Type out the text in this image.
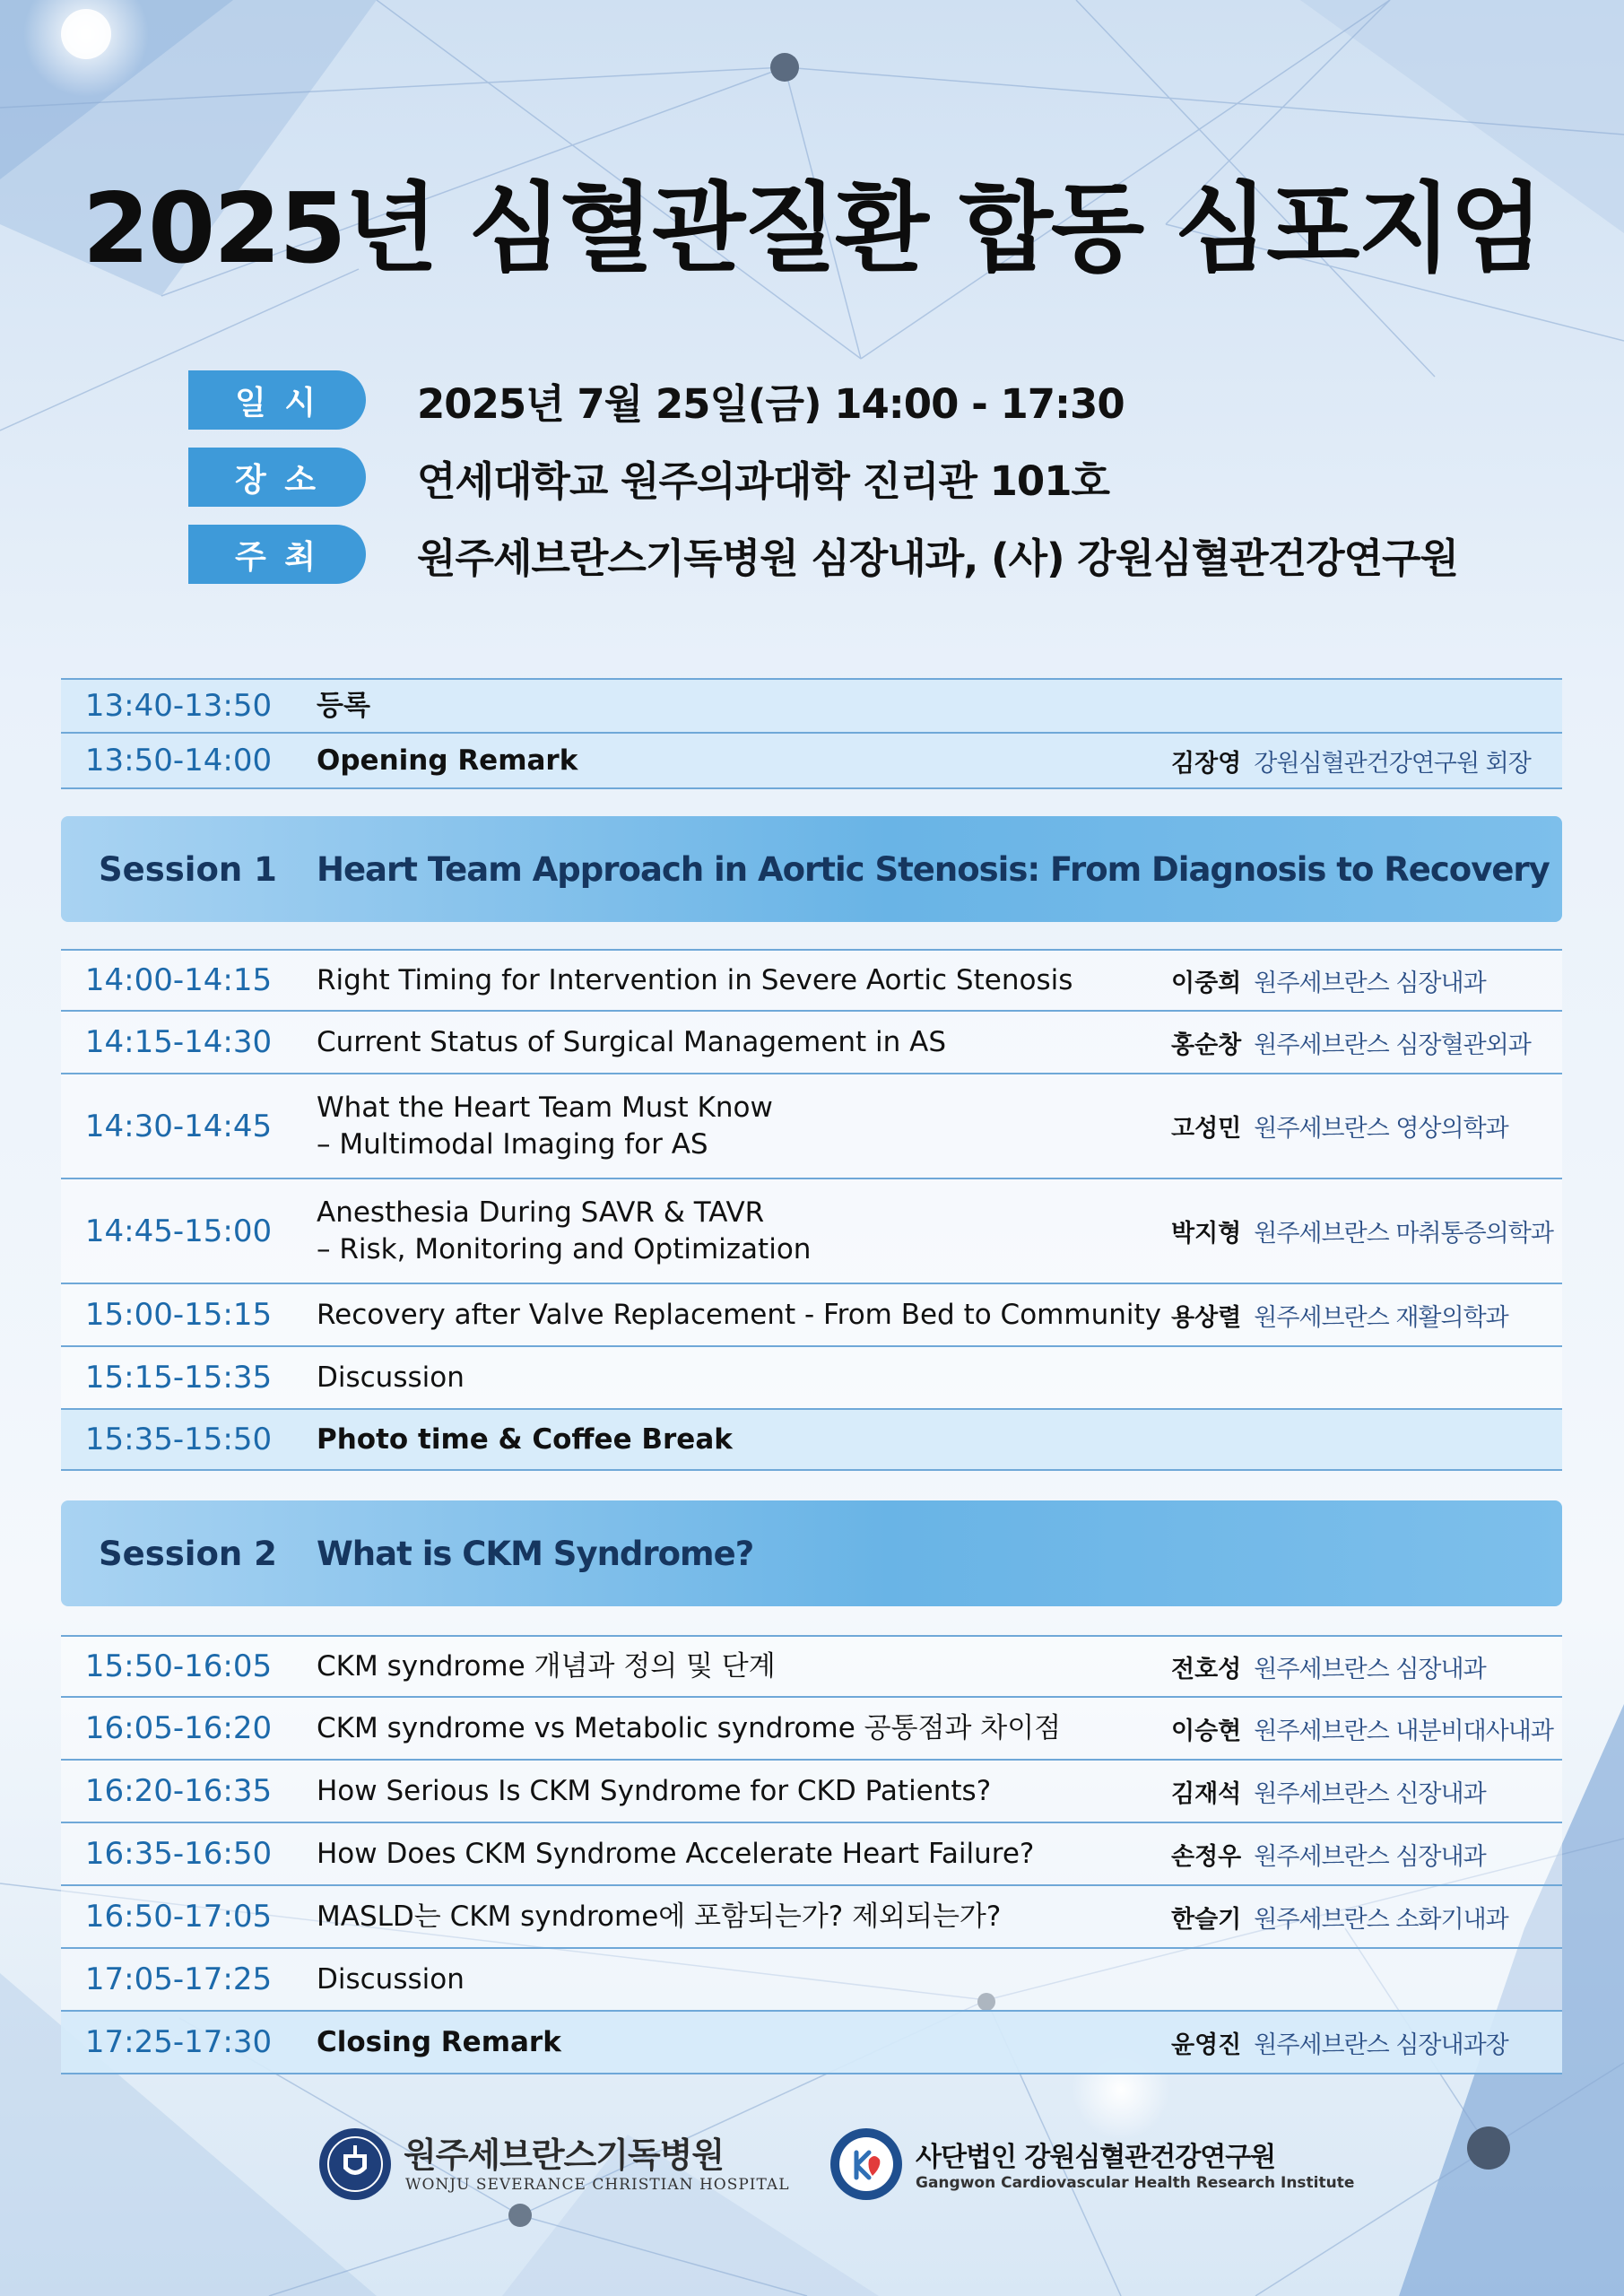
2025년 심혈관질환 합동 심포지엄
일 시	2025년 7월 25일(금) 14:00 - 17:30
장 소	연세대학교 원주의과대학 진리관 101호
주 최	원주세브란스기독병원 심장내과, (사) 강원심혈관건강연구원
13:40-13:50	등록
13:50-14:00	Opening Remark	김장영 강원심혈관건강연구원 회장
Session 1 Heart Team Approach in Aortic Stenosis: From Diagnosis to Recovery
14:00-14:15	Right Timing for Intervention in Severe Aortic Stenosis	이중희 원주세브란스 심장내과
14:15-14:30	Current Status of Surgical Management in AS	홍순창 원주세브란스 심장혈관외과
14:30-14:45
What the Heart Team Must Know
– Multimodal Imaging for AS	고성민 원주세브란스 영상의학과
14:45-15:00
Anesthesia During SAVR & TAVR
– Risk, Monitoring and Optimization	박지형 원주세브란스 마취통증의학과
15:00-15:15	Recovery after Valve Replacement - From Bed to Community 용상렬 원주세브란스 재활의학과
15:15-15:35	Discussion
15:35-15:50	Photo time & Coffee Break
Session 2 What is CKM Syndrome?
15:50-16:05	CKM syndrome 개념과 정의 및 단계	전호성 원주세브란스 심장내과
16:05-16:20	CKM syndrome vs Metabolic syndrome 공통점과 차이점	이승현 원주세브란스 내분비대사내과
16:20-16:35	How Serious Is CKM Syndrome for CKD Patients?	김재석 원주세브란스 신장내과
16:35-16:50	How Does CKM Syndrome Accelerate Heart Failure?	손정우 원주세브란스 심장내과
16:50-17:05	MASLD는 CKM syndrome에 포함되는가? 제외되는가?	한슬기 원주세브란스 소화기내과
17:05-17:25	Discussion
17:25-17:30	Closing Remark	윤영진 원주세브란스 심장내과장
원주세브란스기독병원
WONJU SEVERANCE CHRISTIAN HOSPITAL
사단법인 강원심혈관건강연구원
Gangwon Cardiovascular Health Research Institute
